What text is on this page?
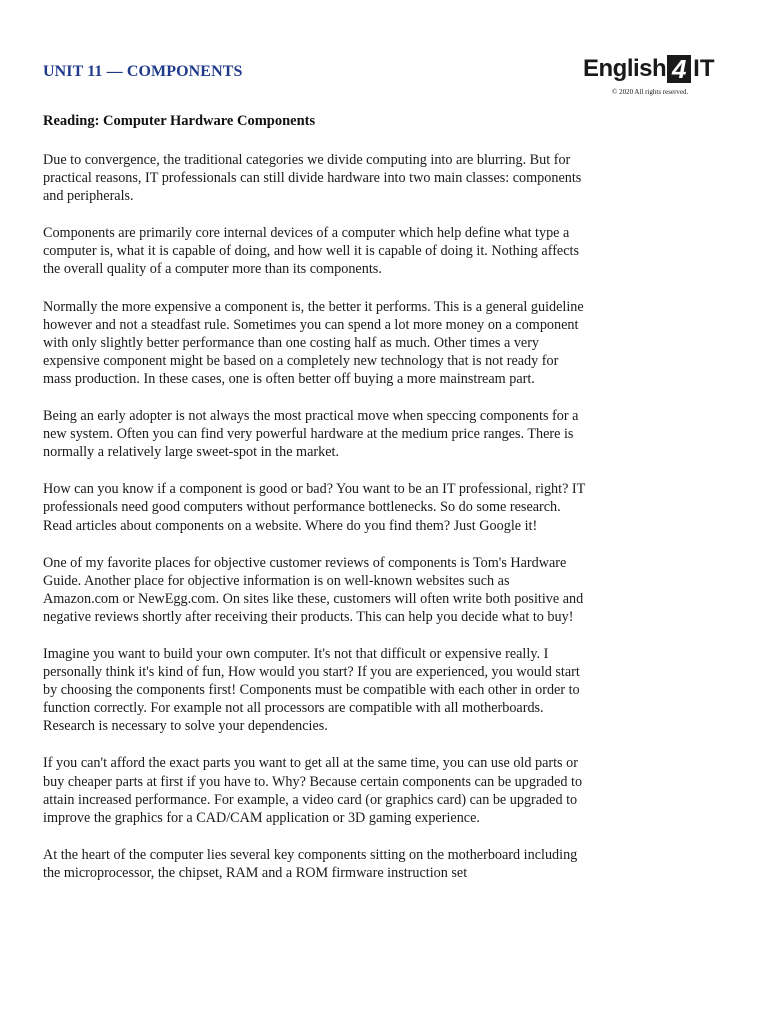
UNIT 11 — COMPONENTS	English 4 IT
© 2020 All rights reserved.
Reading: Computer Hardware Components

Due to convergence, the traditional categories we divide computing into are blurring. But for practical reasons, IT professionals can still divide hardware into two main classes: components and peripherals.

Components are primarily core internal devices of a computer which help define what type a computer is, what it is capable of doing, and how well it is capable of doing it. Nothing affects the overall quality of a computer more than its components.

Normally the more expensive a component is, the better it performs. This is a general guideline however and not a steadfast rule. Sometimes you can spend a lot more money on a component with only slightly better performance than one costing half as much. Other times a very expensive component might be based on a completely new technology that is not ready for mass production. In these cases, one is often better off buying a more mainstream part.

Being an early adopter is not always the most practical move when speccing components for a new system. Often you can find very powerful hardware at the medium price ranges. There is normally a relatively large sweet-spot in the market.

How can you know if a component is good or bad? You want to be an IT professional, right? IT professionals need good computers without performance bottlenecks. So do some research. Read articles about components on a website. Where do you find them? Just Google it!

One of my favorite places for objective customer reviews of components is Tom's Hardware Guide. Another place for objective information is on well-known websites such as Amazon.com or NewEgg.com. On sites like these, customers will often write both positive and negative reviews shortly after receiving their products. This can help you decide what to buy!

Imagine you want to build your own computer. It's not that difficult or expensive really. I personally think it's kind of fun, How would you start? If you are experienced, you would start by choosing the components first! Components must be compatible with each other in order to function correctly. For example not all processors are compatible with all motherboards. Research is necessary to solve your dependencies.

If you can't afford the exact parts you want to get all at the same time, you can use old parts or buy cheaper parts at first if you have to. Why? Because certain components can be upgraded to attain increased performance. For example, a video card (or graphics card) can be upgraded to improve the graphics for a CAD/CAM application or 3D gaming experience.

At the heart of the computer lies several key components sitting on the motherboard including the microprocessor, the chipset, RAM and a ROM firmware instruction set
